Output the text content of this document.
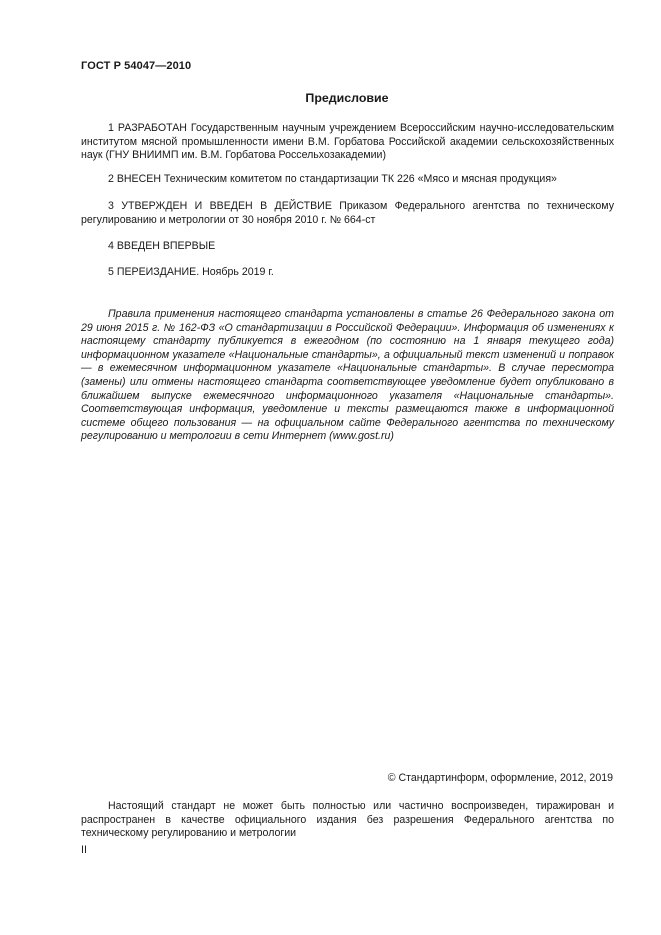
ГОСТ Р 54047—2010
Предисловие

1 РАЗРАБОТАН Государственным научным учреждением Всероссийским научно-исследовательским институтом мясной промышленности имени В.М. Горбатова Российской академии сельскохозяйственных наук (ГНУ ВНИИМП им. В.М. Горбатова Россельхозакадемии)

2 ВНЕСЕН Техническим комитетом по стандартизации ТК 226 «Мясо и мясная продукция»

3 УТВЕРЖДЕН И ВВЕДЕН В ДЕЙСТВИЕ Приказом Федерального агентства по техническому регулированию и метрологии от 30 ноября 2010 г. № 664-ст

4 ВВЕДЕН ВПЕРВЫЕ

5 ПЕРЕИЗДАНИЕ. Ноябрь 2019 г.

Правила применения настоящего стандарта установлены в статье 26 Федерального закона от 29 июня 2015 г. № 162-ФЗ «О стандартизации в Российской Федерации». Информация об изменениях к настоящему стандарту публикуется в ежегодном (по состоянию на 1 января текущего года) информационном указателе «Национальные стандарты», а официальный текст изменений и поправок — в ежемесячном информационном указателе «Национальные стандарты». В случае пересмотра (замены) или отмены настоящего стандарта соответствующее уведомление будет опубликовано в ближайшем выпуске ежемесячного информационного указателя «Национальные стандарты». Соответствующая информация, уведомление и тексты размещаются также в информационной системе общего пользования — на официальном сайте Федерального агентства по техническому регулированию и метрологии в сети Интернет (www.gost.ru)

© Стандартинформ, оформление, 2012, 2019

Настоящий стандарт не может быть полностью или частично воспроизведен, тиражирован и распространен в качестве официального издания без разрешения Федерального агентства по техническому регулированию и метрологии

II
